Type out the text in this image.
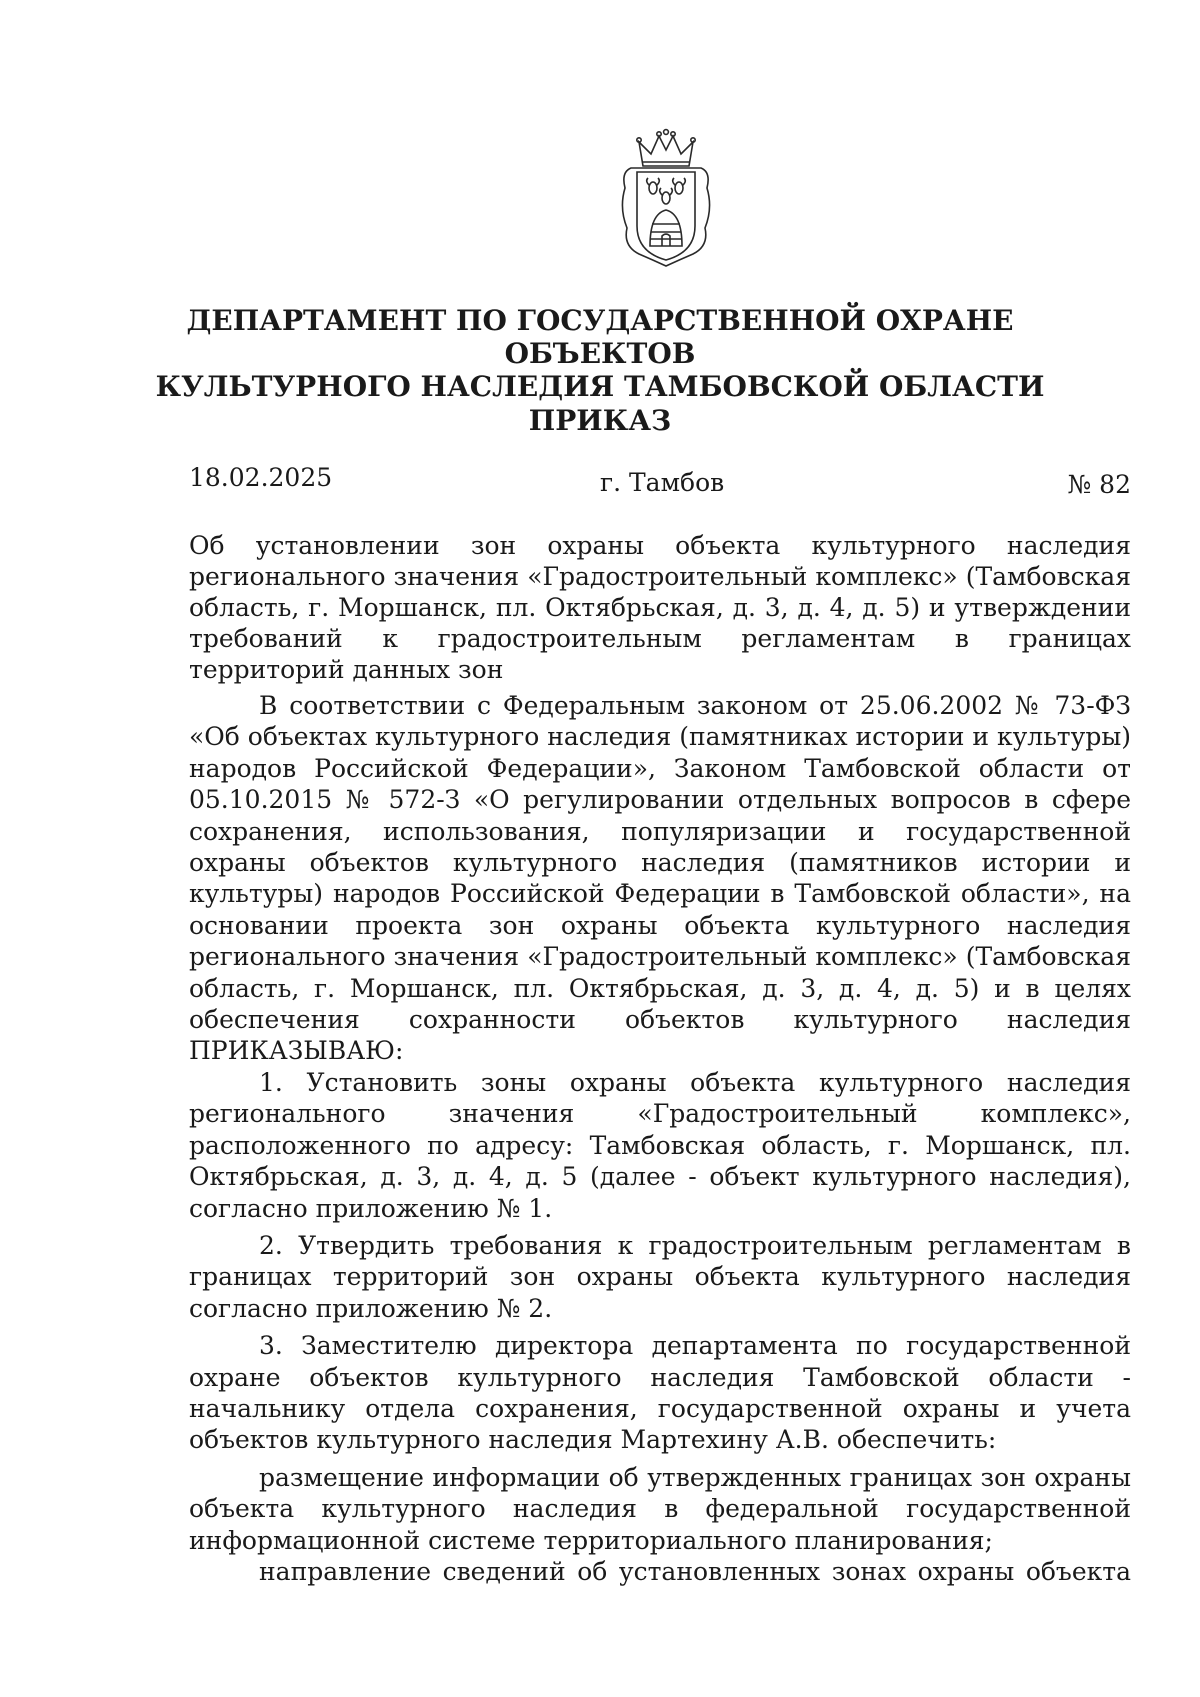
ДЕПАРТАМЕНТ ПО ГОСУДАРСТВЕННОЙ ОХРАНЕ ОБЪЕКТОВ
КУЛЬТУРНОГО НАСЛЕДИЯ ТАМБОВСКОЙ ОБЛАСТИ
ПРИКАЗ
18.02.2025	г. Тамбов	№ 82
Об установлении зон охраны объекта культурного наследия регионального значения «Градостроительный комплекс» (Тамбовская область, г. Моршанск, пл. Октябрьская, д. 3, д. 4, д. 5) и утверждении требований к градостроительным регламентам в границах территорий данных зон

В соответствии с Федеральным законом от 25.06.2002 № 73-ФЗ «Об объектах культурного наследия (памятниках истории и культуры) народов Российской Федерации», Законом Тамбовской области от 05.10.2015 № 572-З «О регулировании отдельных вопросов в сфере сохранения, использования, популяризации и государственной охраны объектов культурного наследия (памятников истории и культуры) народов Российской Федерации в Тамбовской области», на основании проекта зон охраны объекта культурного наследия регионального значения «Градостроительный комплекс» (Тамбовская область, г. Моршанск, пл. Октябрьская, д. 3, д. 4, д. 5) и в целях обеспечения сохранности объектов культурного наследия ПРИКАЗЫВАЮ:

1. Установить зоны охраны объекта культурного наследия регионального значения «Градостроительный комплекс», расположенного по адресу: Тамбовская область, г. Моршанск, пл. Октябрьская, д. 3, д. 4, д. 5 (далее - объект культурного наследия), согласно приложению № 1.

2. Утвердить требования к градостроительным регламентам в границах территорий зон охраны объекта культурного наследия согласно приложению № 2.

3. Заместителю директора департамента по государственной охране объектов культурного наследия Тамбовской области - начальнику отдела сохранения, государственной охраны и учета объектов культурного наследия Мартехину А.В. обеспечить:

размещение информации об утвержденных границах зон охраны объекта культурного наследия в федеральной государственной информационной системе территориального планирования;

направление сведений об установленных зонах охраны объекта
